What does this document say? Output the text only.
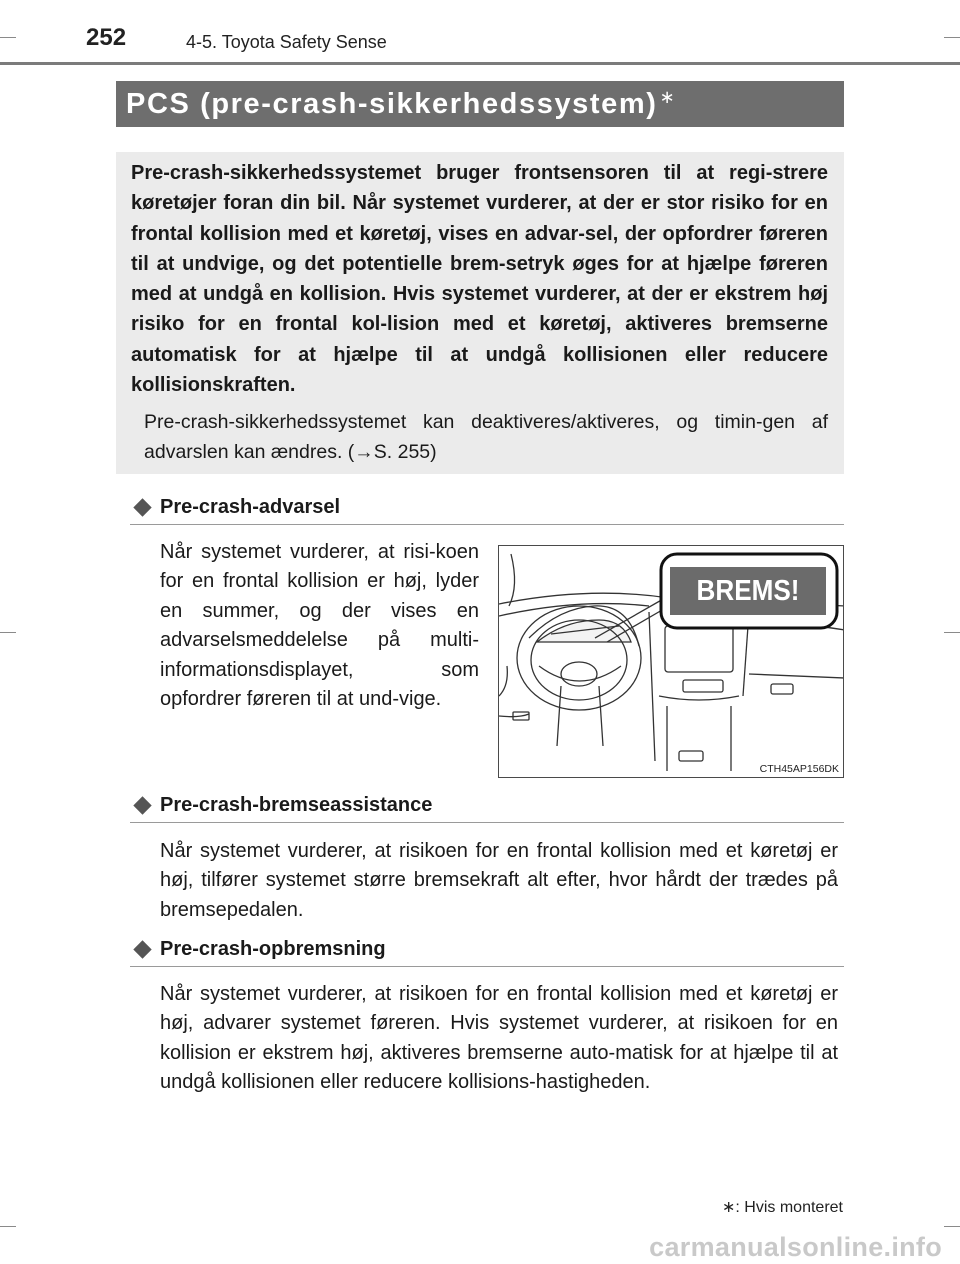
252	4-5. Toyota Safety Sense
PCS (pre-crash-sikkerhedssystem) ∗

Pre-crash-sikkerhedssystemet bruger frontsensoren til at regi-strere køretøjer foran din bil. Når systemet vurderer, at der er stor risiko for en frontal kollision med et køretøj, vises en advar-sel, der opfordrer føreren til at undvige, og det potentielle brem-setryk øges for at hjælpe føreren med at undgå en kollision. Hvis systemet vurderer, at der er ekstrem høj risiko for en frontal kol-lision med et køretøj, aktiveres bremserne automatisk for at hjælpe til at undgå kollisionen eller reducere kollisionskraften.

Pre-crash-sikkerhedssystemet kan deaktiveres/aktiveres, og timin-gen af advarslen kan ændres. (→S. 255)

Pre-crash-advarsel

Når systemet vurderer, at risi-koen for en frontal kollision er høj, lyder en summer, og der vises en advarselsmeddelelse på multi-informationsdisplayet, som opfordrer føreren til at und-vige.

BREMS!
CTH45AP156DK
Pre-crash-bremseassistance

Når systemet vurderer, at risikoen for en frontal kollision med et køretøj er høj, tilfører systemet større bremsekraft alt efter, hvor hårdt der trædes på bremsepedalen.

Pre-crash-opbremsning

Når systemet vurderer, at risikoen for en frontal kollision med et køretøj er høj, advarer systemet føreren. Hvis systemet vurderer, at risikoen for en kollision er ekstrem høj, aktiveres bremserne auto-matisk for at hjælpe til at undgå kollisionen eller reducere kollisions-hastigheden.

∗: Hvis monteret
carmanualsonline.info
